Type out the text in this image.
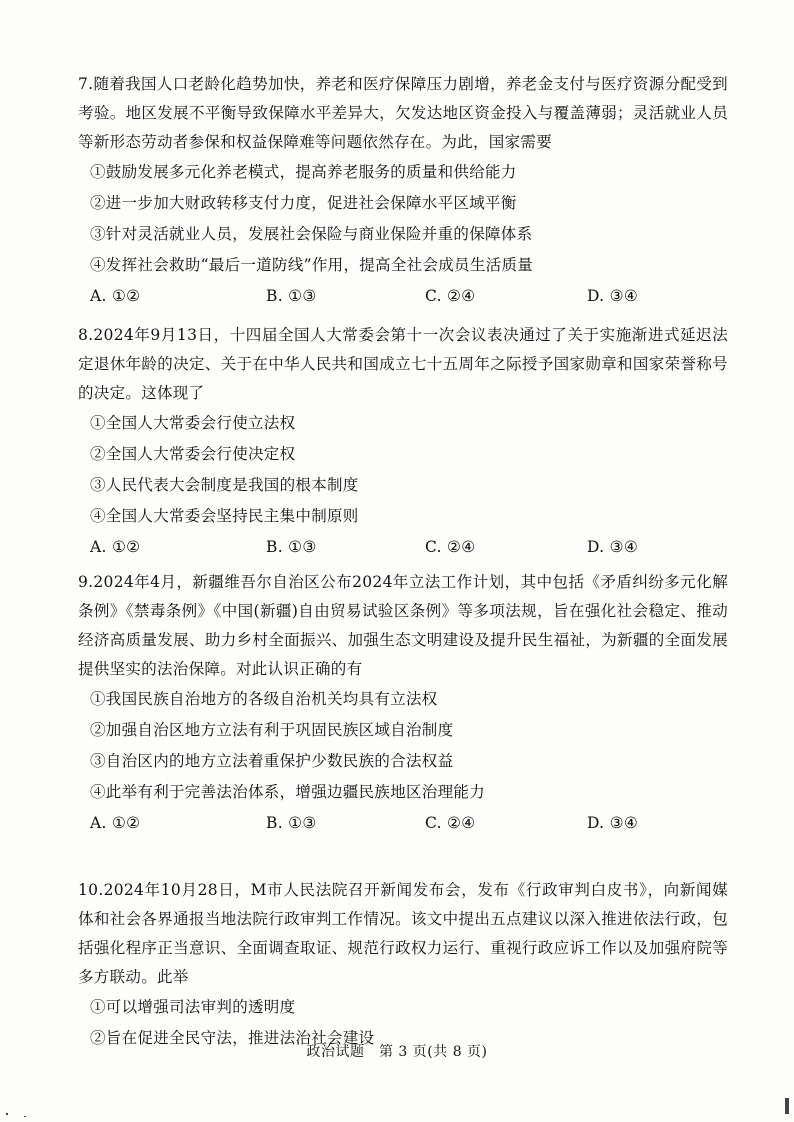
7.随着我国人口老龄化趋势加快，养老和医疗保障压力剧增，养老金支付与医疗资源分配受到考验。地区发展不平衡导致保障水平差异大，欠发达地区资金投入与覆盖薄弱；灵活就业人员等新形态劳动者参保和权益保障难等问题依然存在。为此，国家需要

①鼓励发展多元化养老模式，提高养老服务的质量和供给能力

②进一步加大财政转移支付力度，促进社会保障水平区域平衡

③针对灵活就业人员，发展社会保险与商业保险并重的保障体系

④发挥社会救助“最后一道防线”作用，提高全社会成员生活质量

A. ①②	B. ①③	C. ②④	D. ③④

8.2024年9月13日，十四届全国人大常委会第十一次会议表决通过了关于实施渐进式延迟法定退休年龄的决定、关于在中华人民共和国成立七十五周年之际授予国家勋章和国家荣誉称号的决定。这体现了

①全国人大常委会行使立法权

②全国人大常委会行使决定权

③人民代表大会制度是我国的根本制度

④全国人大常委会坚持民主集中制原则

A. ①②	B. ①③	C. ②④	D. ③④

9.2024年4月，新疆维吾尔自治区公布2024年立法工作计划，其中包括《矛盾纠纷多元化解条例》《禁毒条例》《中国(新疆)自由贸易试验区条例》等多项法规，旨在强化社会稳定、推动经济高质量发展、助力乡村全面振兴、加强生态文明建设及提升民生福祉，为新疆的全面发展提供坚实的法治保障。对此认识正确的有

①我国民族自治地方的各级自治机关均具有立法权

②加强自治区地方立法有利于巩固民族区域自治制度

③自治区内的地方立法着重保护少数民族的合法权益

④此举有利于完善法治体系，增强边疆民族地区治理能力

A. ①②	B. ①③	C. ②④	D. ③④

10.2024年10月28日，M市人民法院召开新闻发布会，发布《行政审判白皮书》，向新闻媒体和社会各界通报当地法院行政审判工作情况。该文中提出五点建议以深入推进依法行政，包括强化程序正当意识、全面调查取证、规范行政权力运行、重视行政应诉工作以及加强府院等多方联动。此举

①可以增强司法审判的透明度

②旨在促进全民守法，推进法治社会建设

政治试题　第 3 页(共 8 页)
